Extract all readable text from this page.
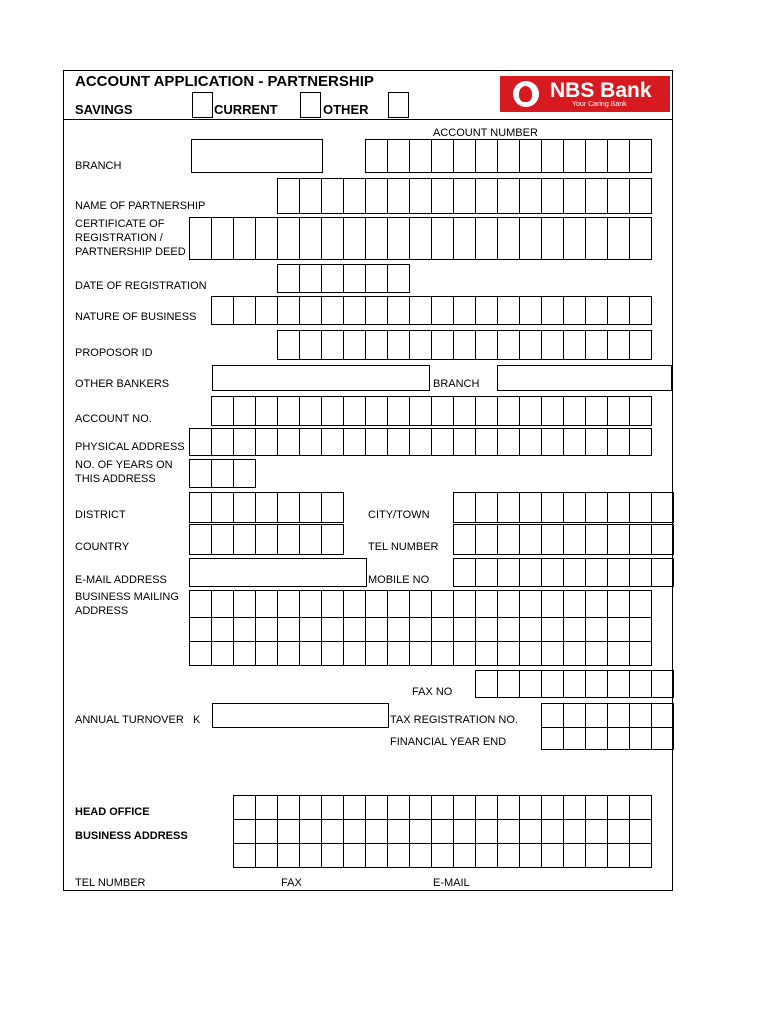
ACCOUNT APPLICATION - PARTNERSHIP
SAVINGS	CURRENT	OTHER
NBS Bank
Your Caring Bank
ACCOUNT NUMBER
BRANCH
NAME OF PARTNERSHIP
CERTIFICATE OF
REGISTRATION /
PARTNERSHIP DEED
DATE OF REGISTRATION
NATURE OF BUSINESS
PROPOSOR ID
OTHER BANKERS	BRANCH
ACCOUNT NO.
PHYSICAL ADDRESS
NO. OF YEARS ON
THIS ADDRESS
DISTRICT	CITY/TOWN
COUNTRY	TEL NUMBER
E-MAIL ADDRESS	MOBILE NO
BUSINESS MAILING
ADDRESS
FAX NO
ANNUAL TURNOVER K	TAX REGISTRATION NO.
FINANCIAL YEAR END
HEAD OFFICE
BUSINESS ADDRESS
TEL NUMBER	FAX	E-MAIL
